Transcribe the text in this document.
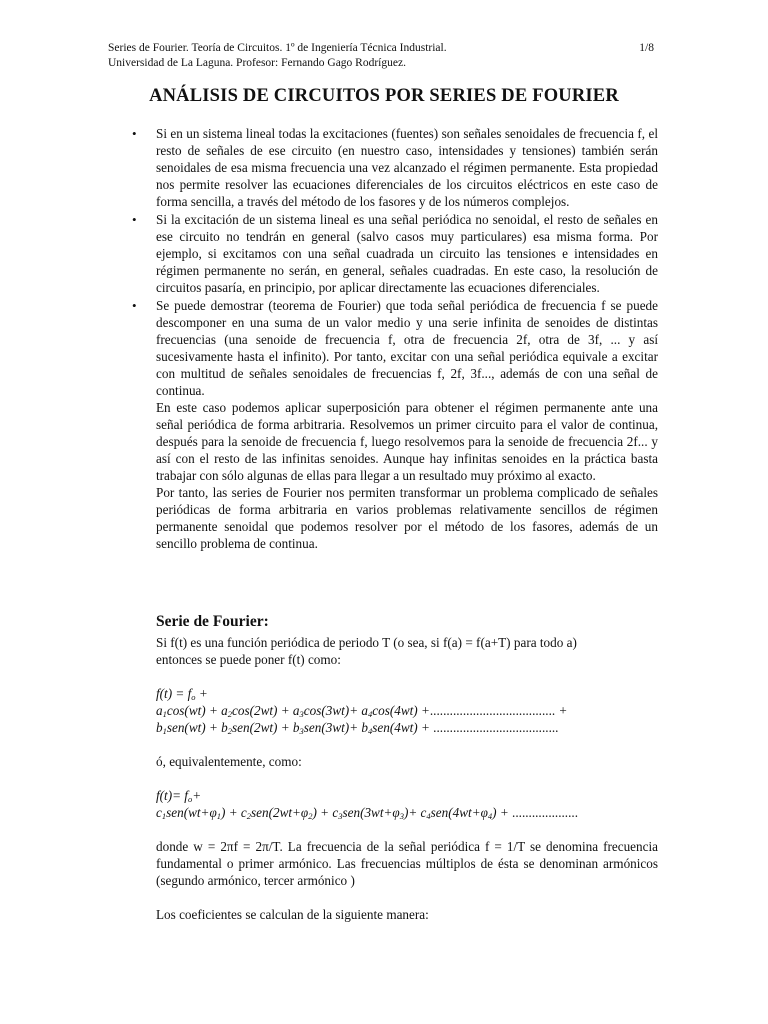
Series de Fourier. Teoría de Circuitos. 1º de Ingeniería Técnica Industrial.	1/8
Universidad de La Laguna. Profesor: Fernando Gago Rodríguez.
ANÁLISIS DE CIRCUITOS POR SERIES DE FOURIER
• Si en un sistema lineal todas la excitaciones (fuentes) son señales senoidales de frecuencia f, el resto de señales de ese circuito (en nuestro caso, intensidades y tensiones) también serán senoidales de esa misma frecuencia una vez alcanzado el régimen permanente. Esta propiedad nos permite resolver las ecuaciones diferenciales de los circuitos eléctricos en este caso de forma sencilla, a través del método de los fasores y de los números complejos.

• Si la excitación de un sistema lineal es una señal periódica no senoidal, el resto de señales en ese circuito no tendrán en general (salvo casos muy particulares) esa misma forma. Por ejemplo, si excitamos con una señal cuadrada un circuito las tensiones e intensidades en régimen permanente no serán, en general, señales cuadradas. En este caso, la resolución de circuitos pasaría, en principio, por aplicar directamente las ecuaciones diferenciales.

• Se puede demostrar (teorema de Fourier) que toda señal periódica de frecuencia f se puede descomponer en una suma de un valor medio y una serie infinita de senoides de distintas frecuencias (una senoide de frecuencia f, otra de frecuencia 2f, otra de 3f, ... y así sucesivamente hasta el infinito). Por tanto, excitar con una señal periódica equivale a excitar con multitud de señales senoidales de frecuencias f, 2f, 3f..., además de con una señal de continua.

En este caso podemos aplicar superposición para obtener el régimen permanente ante una señal periódica de forma arbitraria. Resolvemos un primer circuito para el valor de continua, después para la senoide de frecuencia f, luego resolvemos para la senoide de frecuencia 2f... y así con el resto de las infinitas senoides. Aunque hay infinitas senoides en la práctica basta trabajar con sólo algunas de ellas para llegar a un resultado muy próximo al exacto.

Por tanto, las series de Fourier nos permiten transformar un problema complicado de señales periódicas de forma arbitraria en varios problemas relativamente sencillos de régimen permanente senoidal que podemos resolver por el método de los fasores, además de un sencillo problema de continua.

Serie de Fourier:

Si f(t) es una función periódica de periodo T (o sea, si f(a) = f(a+T) para todo a)

entonces se puede poner f(t) como:

$f(t) = f_o$ +
$a_1\cos(wt) + a_2\cos(2wt) + a_3\cos(3wt)+ a_4\cos(4wt)$ +...................................... +
$b_1sen(wt) + b_2sen(2wt) + b_3sen(3wt)+ b_4sen(4wt)$ + ......................................

ó, equivalentemente, como:

$f(t)= f_o+$
$c_1sen(wt+\varphi_1) + c_2sen(2wt+\varphi_2) + c_3sen(3wt+\varphi_3)+ c_4sen(4wt+\varphi_4)$ + ....................

donde w = 2πf = 2π/T. La frecuencia de la señal periódica f = 1/T se denomina frecuencia fundamental o primer armónico. Las frecuencias múltiplos de ésta se denominan armónicos (segundo armónico, tercer armónico )

Los coeficientes se calculan de la siguiente manera:
